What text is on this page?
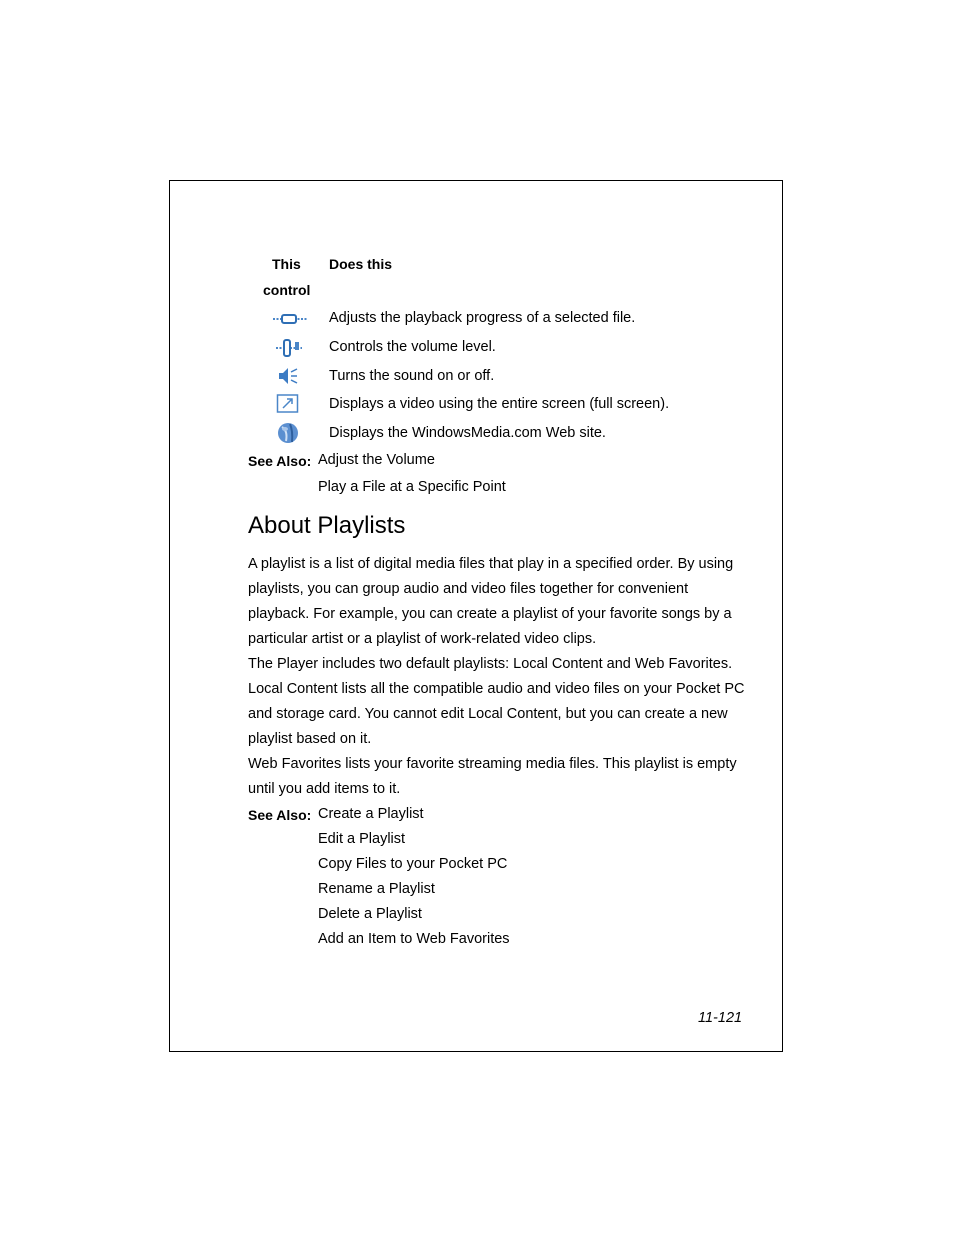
This
control
Does this
Adjusts the playback progress of a selected file.
Controls the volume level.
Turns the sound on or off.
Displays a video using the entire screen (full screen).
Displays the WindowsMedia.com Web site.
See Also: Adjust the Volume
Play a File at a Specific Point
About Playlists

A playlist is a list of digital media files that play in a specified order. By using playlists, you can group audio and video files together for convenient playback. For example, you can create a playlist of your favorite songs by a particular artist or a playlist of work-related video clips.

The Player includes two default playlists: Local Content and Web Favorites. Local Content lists all the compatible audio and video files on your Pocket PC and storage card. You cannot edit Local Content, but you can create a new playlist based on it.

Web Favorites lists your favorite streaming media files. This playlist is empty until you add items to it.

See Also: Create a Playlist
Edit a Playlist
Copy Files to your Pocket PC
Rename a Playlist
Delete a Playlist
Add an Item to Web Favorites
11-121
